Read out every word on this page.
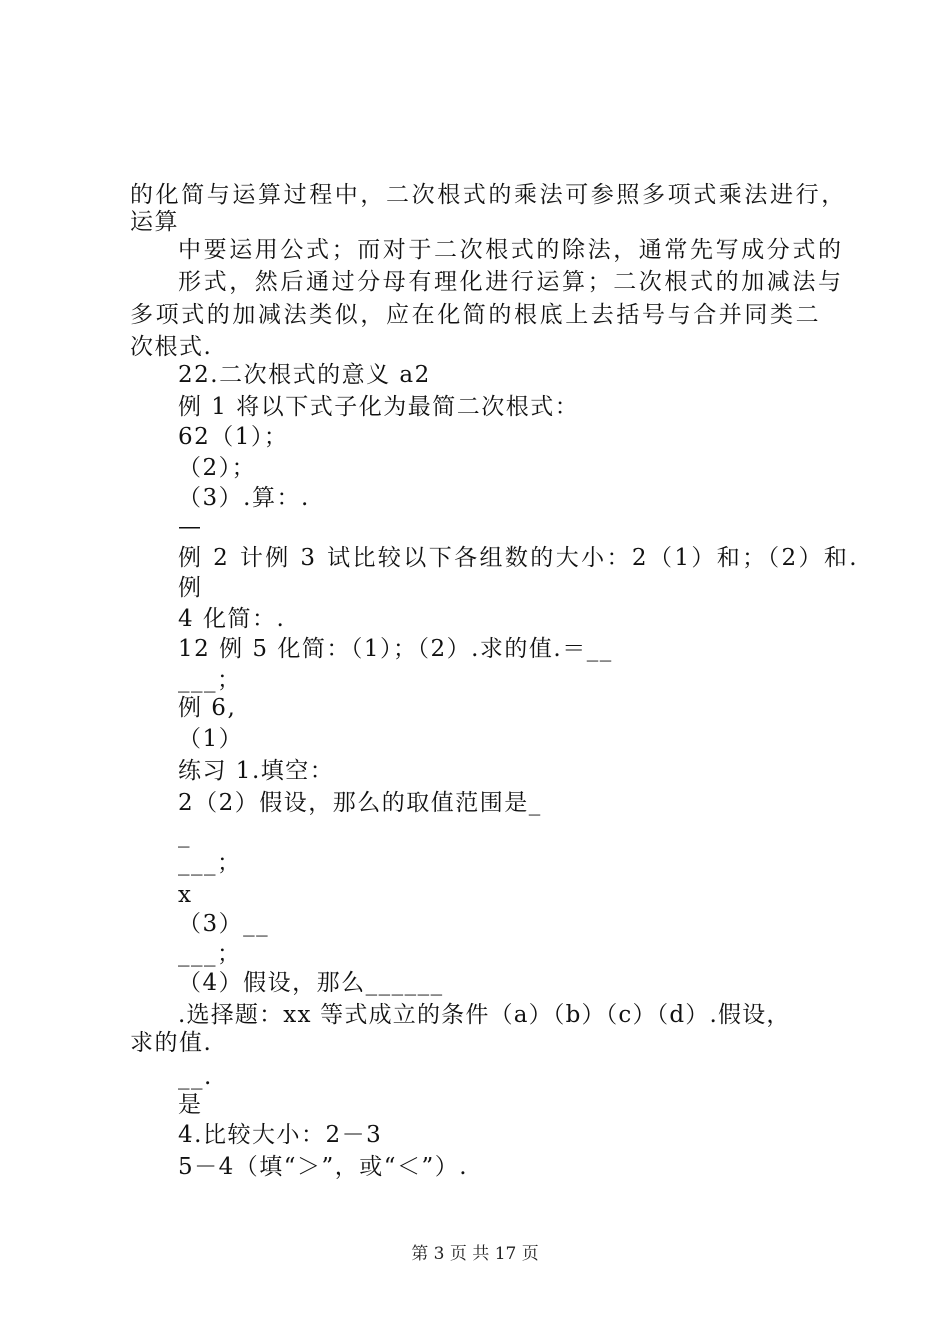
的化简与运算过程中，二次根式的乘法可参照多项式乘法进行，
运算
中要运用公式；而对于二次根式的除法，通常先写成分式的
形式，然后通过分母有理化进行运算；二次根式的加减法与
多项式的加减法类似，应在化简的根底上去括号与合并同类二
次根式.
22.二次根式的意义 a2
例 1 将以下式子化为最简二次根式：
62（1）；
（2）；
（3）.算：.
—
例 2 计例 3 试比较以下各组数的大小：2（1）和；（2）和.
例
4 化简：.
12 例 5 化简：（1）；（2）.求的值.＝__
___；
例 6,
（1）
练习 1.填空：
2（2）假设，那么的取值范围是_
_
___；
x
（3）__
___；
（4）假设，那么______
.选择题：xx 等式成立的条件（a）（b）（c）（d）.假设，
求的值.
__.
是
4.比较大小：2－3
5－4（填“＞”，或“＜”）.
第 3 页 共 17 页
